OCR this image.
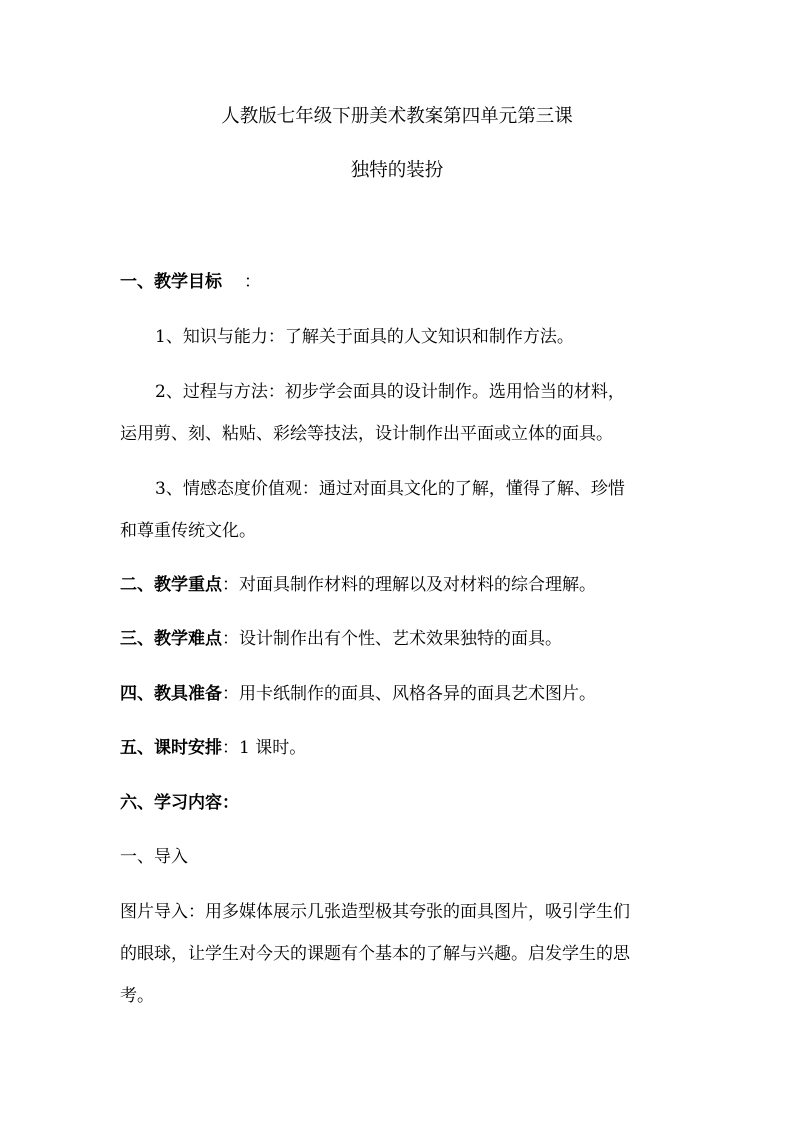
人教版七年级下册美术教案第四单元第三课
独特的装扮
一、教学目标 ：
1、知识与能力：了解关于面具的人文知识和制作方法。
2、过程与方法：初步学会面具的设计制作。选用恰当的材料，
运用剪、刻、粘贴、彩绘等技法，设计制作出平面或立体的面具。
3、情感态度价值观：通过对面具文化的了解，懂得了解、珍惜
和尊重传统文化。
二、教学重点：对面具制作材料的理解以及对材料的综合理解。
三、教学难点：设计制作出有个性、艺术效果独特的面具。
四、教具准备：用卡纸制作的面具、风格各异的面具艺术图片。
五、课时安排：1 课时。
六、学习内容：
一、导入
图片导入：用多媒体展示几张造型极其夸张的面具图片，吸引学生们
的眼球，让学生对今天的课题有个基本的了解与兴趣。启发学生的思
考。
